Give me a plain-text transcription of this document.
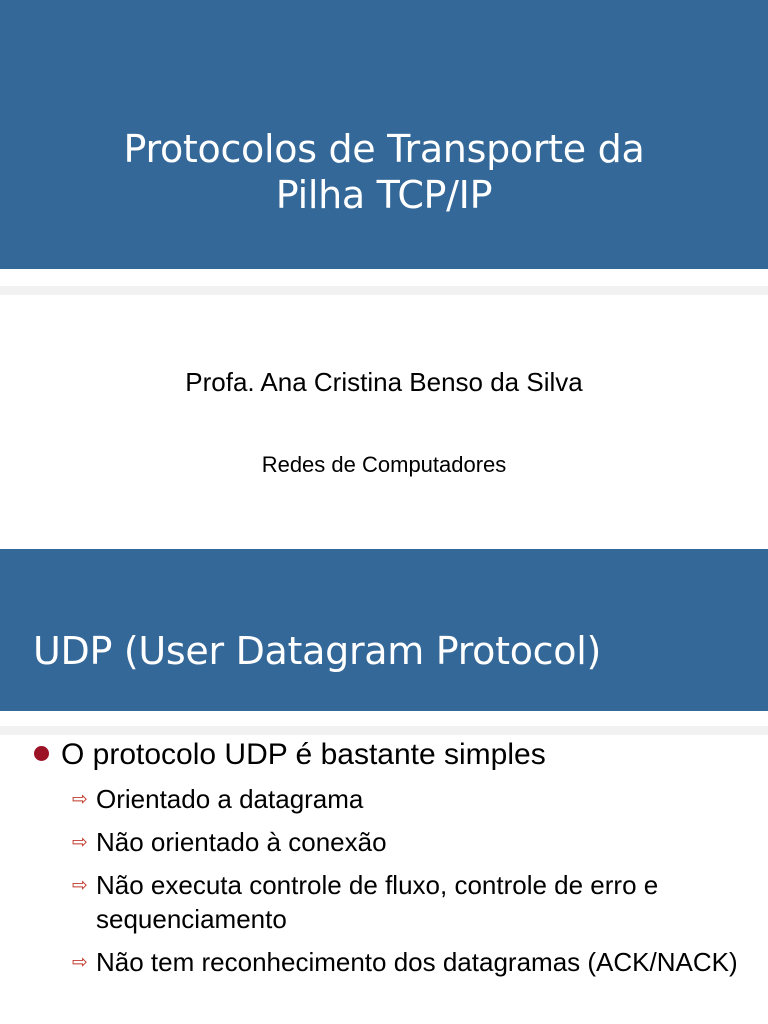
Protocolos de Transporte da
Pilha TCP/IP
Profa. Ana Cristina Benso da Silva
Redes de Computadores
UDP (User Datagram Protocol)
O protocolo UDP é bastante simples
⇨ Orientado a datagrama
⇨ Não orientado à conexão
⇨ Não executa controle de fluxo, controle de erro e sequenciamento
⇨ Não tem reconhecimento dos datagramas (ACK/NACK)
